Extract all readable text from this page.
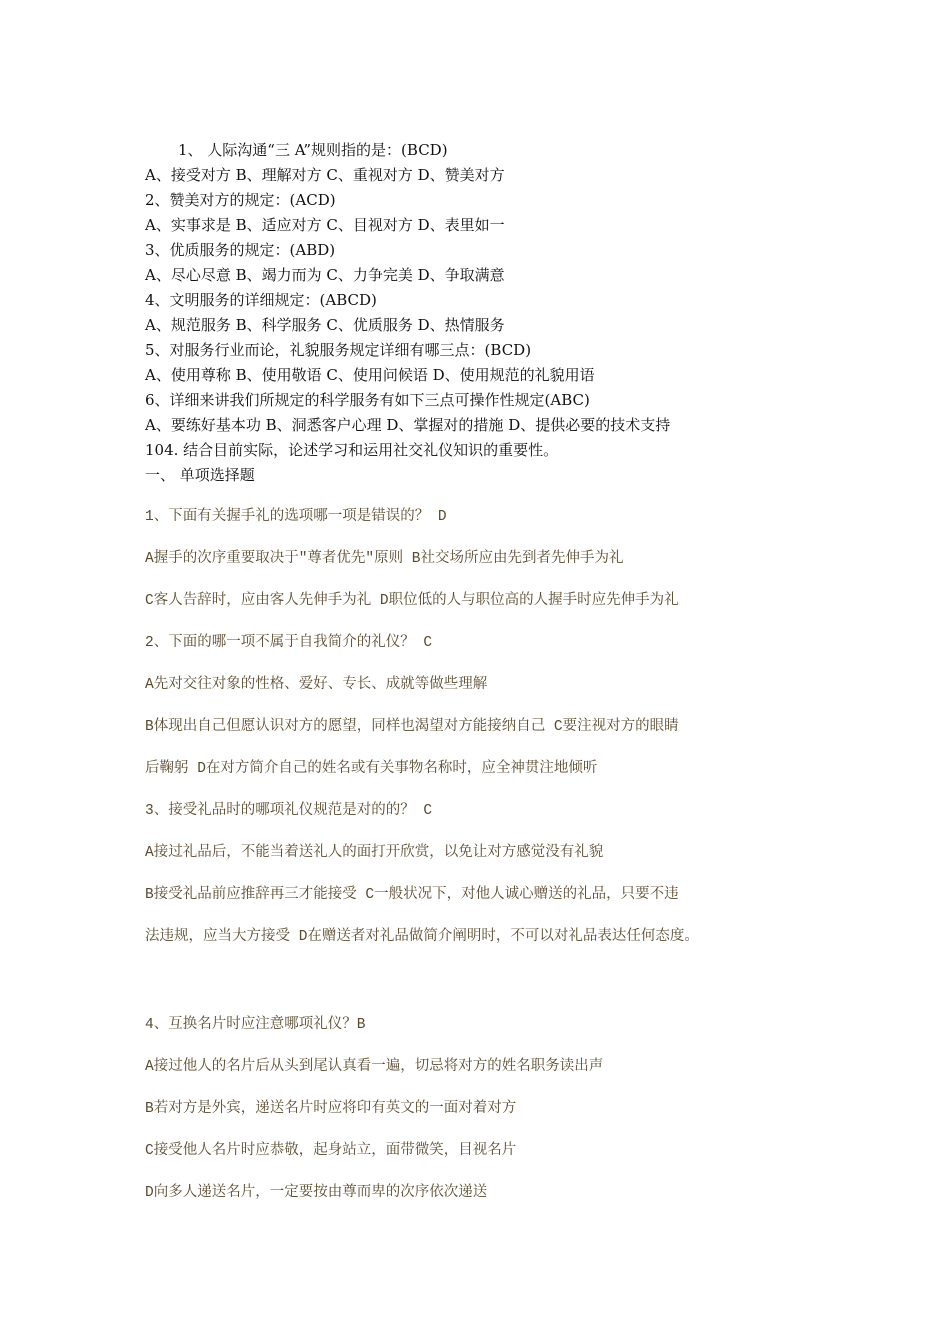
1、 人际沟通“三 A”规则指的是：(BCD)
A、接受对方 B、理解对方 C、重视对方 D、赞美对方
2、赞美对方的规定：(ACD)
A、实事求是 B、适应对方 C、目视对方 D、表里如一
3、优质服务的规定：(ABD)
A、尽心尽意 B、竭力而为 C、力争完美 D、争取满意
4、文明服务的详细规定：(ABCD)
A、规范服务 B、科学服务 C、优质服务 D、热情服务
5、对服务行业而论，礼貌服务规定详细有哪三点：(BCD)
A、使用尊称 B、使用敬语 C、使用问候语 D、使用规范的礼貌用语
6、详细来讲我们所规定的科学服务有如下三点可操作性规定(ABC)
A、要练好基本功 B、洞悉客户心理 D、掌握对的措施 D、提供必要的技术支持
104. 结合目前实际，论述学习和运用社交礼仪知识的重要性。
一、 单项选择题
1、下面有关握手礼的选项哪一项是错误的？ D
A握手的次序重要取决于"尊者优先"原则 B社交场所应由先到者先伸手为礼
C客人告辞时，应由客人先伸手为礼 D职位低的人与职位高的人握手时应先伸手为礼
2、下面的哪一项不属于自我简介的礼仪？ C
A先对交往对象的性格、爱好、专长、成就等做些理解
B体现出自己但愿认识对方的愿望，同样也渴望对方能接纳自己 C要注视对方的眼睛
后鞠躬 D在对方简介自己的姓名或有关事物名称时，应全神贯注地倾听
3、接受礼品时的哪项礼仪规范是对的的？ C
A接过礼品后，不能当着送礼人的面打开欣赏，以免让对方感觉没有礼貌
B接受礼品前应推辞再三才能接受 C一般状况下，对他人诚心赠送的礼品，只要不违
法违规，应当大方接受 D在赠送者对礼品做简介阐明时，不可以对礼品表达任何态度。
4、互换名片时应注意哪项礼仪？B
A接过他人的名片后从头到尾认真看一遍，切忌将对方的姓名职务读出声
B若对方是外宾，递送名片时应将印有英文的一面对着对方
C接受他人名片时应恭敬，起身站立，面带微笑，目视名片
D向多人递送名片，一定要按由尊而卑的次序依次递送
